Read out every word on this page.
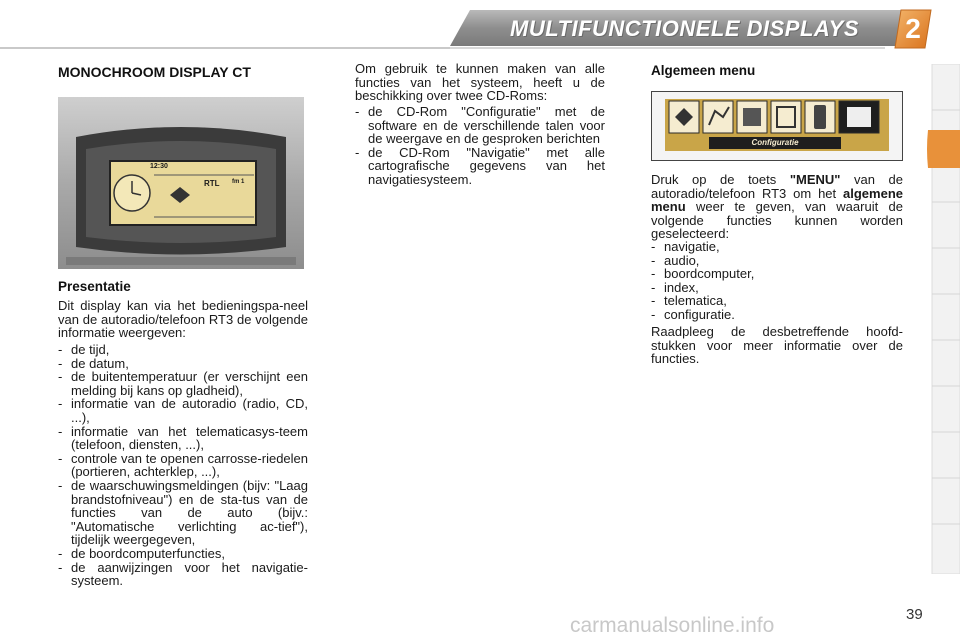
MULTIFUNCTIONELE DISPLAYS	2
MONOCHROOM DISPLAY CT
12:30
RTL fm 1
Presentatie
Dit display kan via het bedieningspa-neel van de autoradio/telefoon RT3 de volgende informatie weergeven:
- de tijd,
- de datum,
- de buitentemperatuur (er verschijnt een melding bij kans op gladheid),
- informatie van de autoradio (radio, CD, ...),
- informatie van het telematicasys-teem (telefoon, diensten, ...),
- controle van te openen carrosse-riedelen (portieren, achterklep, ...),
- de waarschuwingsmeldingen (bijv: "Laag brandstofniveau") en de sta-tus van de functies van de auto (bijv.: "Automatische verlichting ac-tief"), tijdelijk weergegeven,
- de boordcomputerfuncties,
- de aanwijzingen voor het navigatie-systeem.
Om gebruik te kunnen maken van alle functies van het systeem, heeft u de beschikking over twee CD-Roms:
- de CD-Rom "Configuratie" met de software en de verschillende talen voor de weergave en de gesproken berichten
- de CD-Rom "Navigatie" met alle cartografische gegevens van het navigatiesysteem.
Algemeen menu
Configuratie
Druk op de toets "MENU" van de autoradio/telefoon RT3 om het algemene menu weer te geven, van waaruit de volgende functies kunnen worden geselecteerd:
- navigatie,
- audio,
- boordcomputer,
- index,
- telematica,
- configuratie.
Raadpleeg de desbetreffende hoofd-stukken voor meer informatie over de functies.
39
carmanualsonline.info
